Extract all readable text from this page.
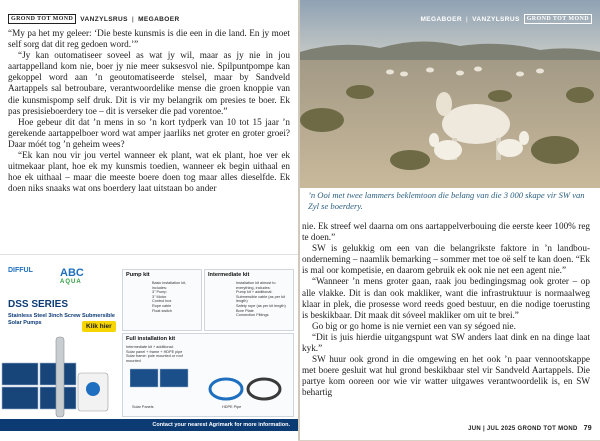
GROND TOT MOND	VANZYLSRUS | MEGABOER

“My pa het my geleer: ‘Die beste kunsmis is die een in die land. En jy moet self sorg dat dit reg gedoen word.’”

“Jy kan outomatiseer soveel as wat jy wil, maar as jy nie in jou aartappelland kom nie, boer jy nie meer suksesvol nie. Spilpuntpompe kan gekoppel word aan ’n geoutomatiseerde stelsel, maar by Sandveld Aartappels sal betroubare, verantwoordelike mense die groen knoppie van die kunsmispomp self druk. Dit is vir my belangrik om presies te boer. Ek pas presisieboerdery toe – dit is verseker die pad vorentoe.”

Hoe gebeur dit dat ’n mens in so ’n kort tydperk van 10 tot 15 jaar ’n gerekende aartappelboer word wat amper jaarliks net groter en groter groei? Daar móét tog ’n geheim wees?

“Ek kan nou vir jou vertel wanneer ek plant, wat ek plant, hoe ver ek uitmekaar plant, hoe ek my kunsmis toedien, wanneer ek begin uithaal en hoe ek uithaal – maar die meeste boere doen tog maar alles dieselfde. Ek doen niks snaaks wat ons boerdery laat uitstaan bo ander

MEGABOER | VANZYLSRUS	GROND TOT MOND
’n Ooi met twee lammers beklemtoon die belang van die 3 000 skape vir SW van Zyl se boerdery.

nie. Ek streef wel daarna om ons aartappelverbouing die eerste keer 100% reg te doen.”

SW is gelukkig om een van die belangrikste faktore in ’n landbou-onderneming – naamlik bemarking – sommer met toe oë self te kan doen. “Ek is mal oor kompetisie, en daarom gebruik ek ook nie net een agent nie.”

“Wanneer ’n mens groter gaan, raak jou bedingingsmag ook groter – op alle vlakke. Dit is dan ook makliker, want die infrastruktuur is normaalweg klaar in plek, die prosesse word reeds goed bestuur, en die nodige toerusting is beskikbaar. Dit maak dit sóveel makliker om uit te brei.”

Go big or go home is nie verniet een van sy ségoed nie.

“Dit is juis hierdie uitgangspunt wat SW anders laat dink en na dinge laat kyk.”

SW huur ook grond in die omgewing en het ook ’n paar vennootskappe met boere gesluit wat hul grond beskikbaar stel vir Sandveld Aartappels. Die partye kom ooreen oor wie vir watter uitgawes verantwoordelik is, en SW behartig

DIFFUL ABC
AQUA
DSS SERIES
Stainless Steel 3inch Screw Submersible Solar Pumps	Klik hier
Pump kit
Basic installation kit, includes:
3" Pump
3" Motor
Control box
Rope cable
Float switch
Intermediate kit
Installation kit almost to everything, includes:
Pump kit + additional:
Submersible cable (as per kit length)
Safety rope (as per kit length)
Bore Plate
Connection Fittings
Full installation kit
Intermediate kit + additional:
Solar panel + frame + HDPE pipe
Solar frame: pole mounted or roof mounted
Solar Panels	HDPE Pipe
Contact your nearest Agrimark for more information.
JUN | JUL 2025 GROND TOT MOND 79
